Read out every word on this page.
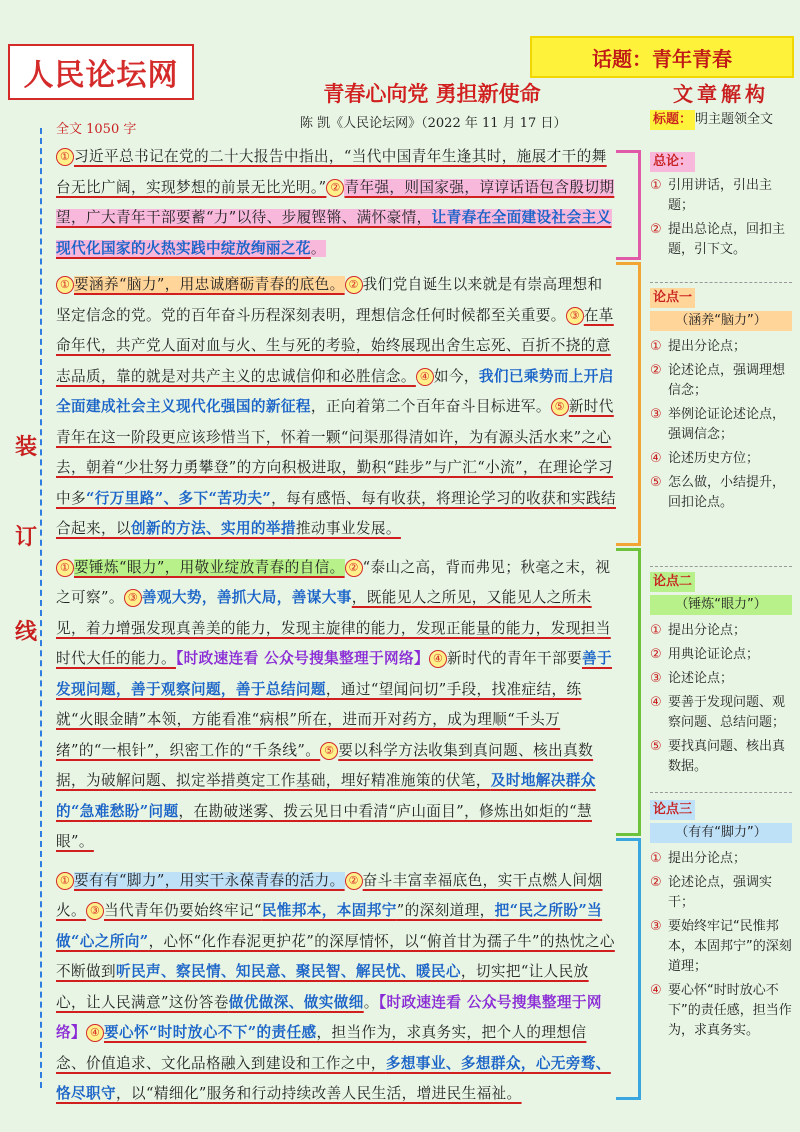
人民论坛网	话题：青年青春
青春心向党 勇担新使命
全文 1050 字	陈 凯《人民论坛网》（2022 年 11 月 17 日）
装
订
线

① 习近平总书记在党的二十大报告中指出，“当代中国青年生逢其时，施展才干的舞台无比广阔，实现梦想的前景无比光明。” ② 青年强，则国家强，谆谆话语包含殷切期望，广大青年干部要蓄“力”以待、步履铿锵、满怀豪情，让青春在全面建设社会主义现代化国家的火热实践中绽放绚丽之花。

① 要涵养“脑力”，用忠诚磨砺青春的底色。 ② 我们党自诞生以来就是有崇高理想和坚定信念的党。党的百年奋斗历程深刻表明，理想信念任何时候都至关重要。 ③ 在革命年代，共产党人面对血与火、生与死的考验，始终展现出舍生忘死、百折不挠的意志品质，靠的就是对共产主义的忠诚信仰和必胜信念。 ④ 如今，我们已乘势而上开启全面建成社会主义现代化强国的新征程，正向着第二个百年奋斗目标进军。 ⑤ 新时代青年在这一阶段更应该珍惜当下，怀着一颗“问渠那得清如许，为有源头活水来”之心去，朝着“少壮努力勇攀登”的方向积极进取，勤积“跬步”与广汇“小流”，在理论学习中多“行万里路”、多下“苦功夫”，每有感悟、每有收获，将理论学习的收获和实践结合起来，以创新的方法、实用的举措推动事业发展。

① 要锤炼“眼力”，用敬业绽放青春的自信。 ② “泰山之高，背而弗见；秋毫之末，视之可察”。 ③ 善观大势，善抓大局，善谋大事，既能见人之所见，又能见人之所未见，着力增强发现真善美的能力，发现主旋律的能力，发现正能量的能力，发现担当时代大任的能力。【时政速连看 公众号搜集整理于网络】 ④ 新时代的青年干部要善于发现问题，善于观察问题，善于总结问题，通过“望闻问切”手段，找准症结，练就“火眼金睛”本领，方能看准“病根”所在，进而开对药方，成为理顺“千头万绪”的“一根针”，织密工作的“千条线”。 ⑤ 要以科学方法收集到真问题、核出真数据，为破解问题、拟定举措奠定工作基础，埋好精准施策的伏笔，及时地解决群众的“急难愁盼”问题，在勘破迷雾、拨云见日中看清“庐山面目”，修炼出如炬的“慧眼”。

① 要有有“脚力”，用实干永葆青春的活力。 ② 奋斗丰富幸福底色，实干点燃人间烟火。 ③ 当代青年仍要始终牢记“民惟邦本，本固邦宁”的深刻道理，把“民之所盼”当做“心之所向”，心怀“化作春泥更护花”的深厚情怀，以“俯首甘为孺子牛”的热忱之心不断做到听民声、察民情、知民意、聚民智、解民忧、暖民心，切实把“让人民放心，让人民满意”这份答卷做优做深、做实做细。【时政速连看 公众号搜集整理于网络】 ④ 要心怀“时时放心不下”的责任感，担当作为，求真务实，把个人的理想信念、价值追求、文化品格融入到建设和工作之中，多想事业、多想群众，心无旁骛、恪尽职守，以“精细化”服务和行动持续改善人民生活，增进民生福祉。

文章解构
标题： 明主题领全文
总论：
① 引用讲话，引出主题；
② 提出总论点，回扣主题，引下文。
论点一
（涵养“脑力”）
① 提出分论点；
② 论述论点，强调理想信念；
③ 举例论证论述论点，强调信念；
④ 论述历史方位；
⑤ 怎么做，小结提升，回扣论点。
论点二
（锤炼“眼力”）
① 提出分论点；
② 用典论证论点；
③ 论述论点；
④ 要善于发现问题、观察问题、总结问题；
⑤ 要找真问题、核出真数据。
论点三
（有有“脚力”）
① 提出分论点；
② 论述论点，强调实干；
③ 要始终牢记“民惟邦本，本固邦宁”的深刻道理；
④ 要心怀“时时放心不下”的责任感，担当作为，求真务实。
